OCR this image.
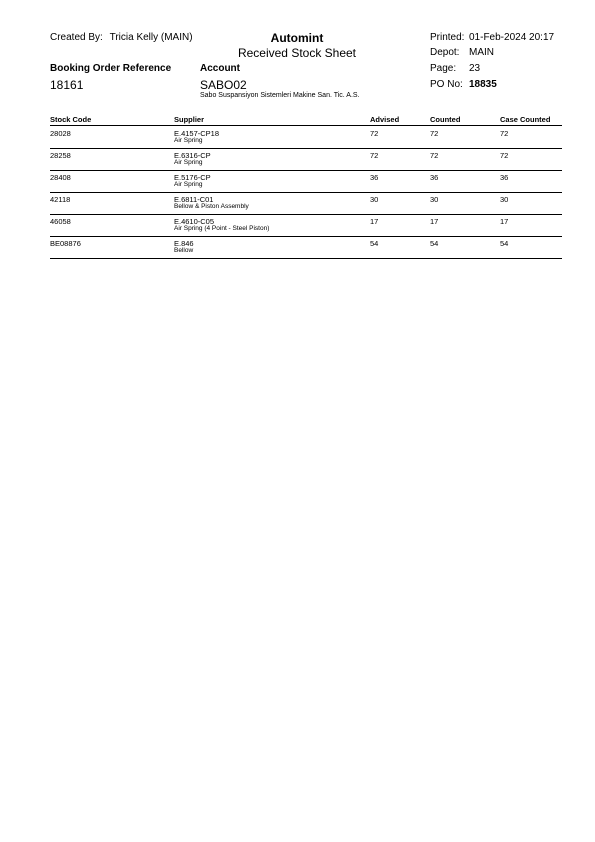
Created By: Tricia Kelly (MAIN)	Automint
Received Stock Sheet
Printed: 01-Feb-2024 20:17
Depot: MAIN
Page: 23
PO No: 18835
Booking Order Reference
18161
Account
SABO02
Sabo Suspansiyon Sistemleri Makine San. Tic. A.S.
Stock Code	Supplier	Advised	Counted	Case Counted
28028	E.4157-CP18	72	72	72
Air Spring
28258	E.6316-CP	72	72	72
Air Spring
28408	E.5176-CP	36	36	36
Air Spring
42118	E.6811-C01	30	30	30
Bellow & Piston Assembly
46058	E.4610-C05	17	17	17
Air Spring (4 Point - Steel Piston)
BE08876	E.846	54	54	54
Bellow
